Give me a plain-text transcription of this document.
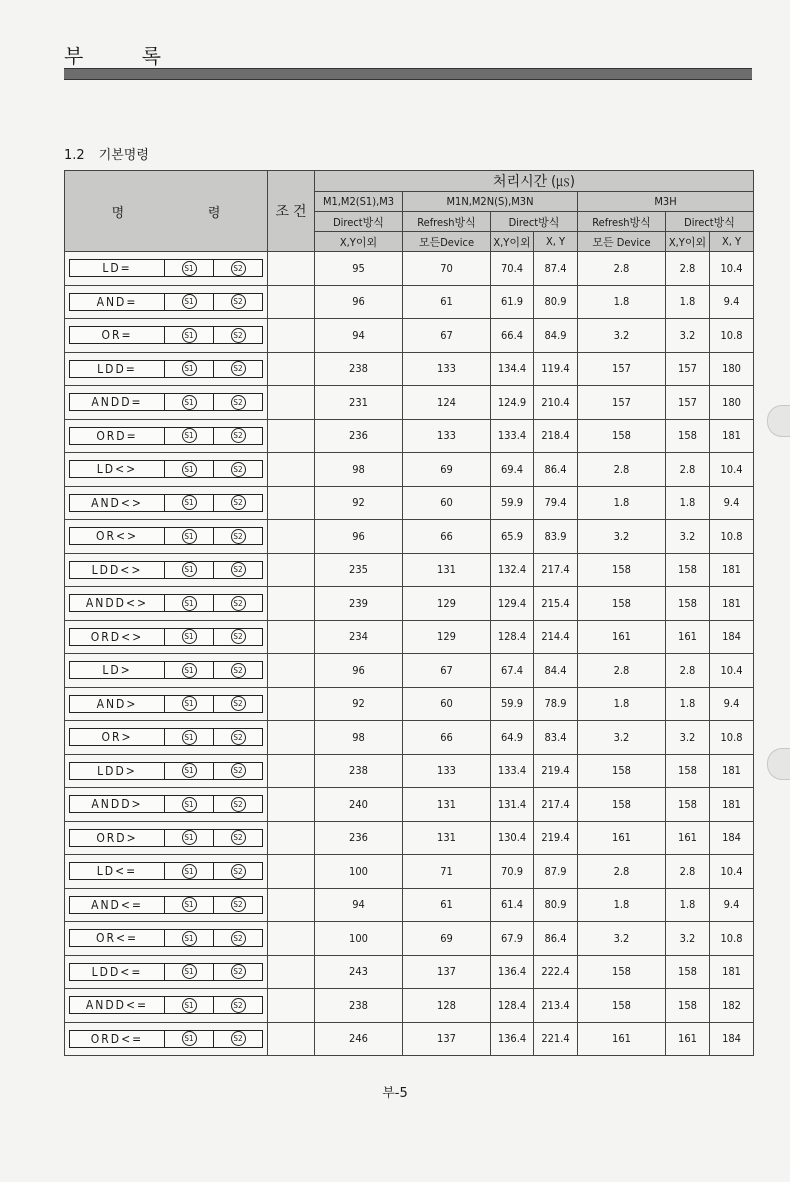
부 록
1.2 기본명령
명 령	조 건	처리시간 (㎲)						
		M1,M2(S1),M3	M1N,M2N(S),M3N			M3H		
		Direct방식	Refresh방식	Direct방식		Refresh방식	Direct방식	
		X,Y이외	모든Device	X,Y이외	X, Y	모든 Device	X,Y이외	X, Y

LD= S1 S2		95	70	70.4	87.4	2.8	2.8	10.4

AND= S1 S2		96	61	61.9	80.9	1.8	1.8	9.4

OR= S1 S2		94	67	66.4	84.9	3.2	3.2	10.8

LDD= S1 S2		238	133	134.4	119.4	157	157	180

ANDD= S1 S2		231	124	124.9	210.4	157	157	180

ORD= S1 S2		236	133	133.4	218.4	158	158	181

LD<> S1 S2		98	69	69.4	86.4	2.8	2.8	10.4

AND<> S1 S2		92	60	59.9	79.4	1.8	1.8	9.4

OR<> S1 S2		96	66	65.9	83.9	3.2	3.2	10.8

LDD<> S1 S2		235	131	132.4	217.4	158	158	181

ANDD<> S1 S2		239	129	129.4	215.4	158	158	181

ORD<> S1 S2		234	129	128.4	214.4	161	161	184

LD> S1 S2		96	67	67.4	84.4	2.8	2.8	10.4

AND> S1 S2		92	60	59.9	78.9	1.8	1.8	9.4

OR> S1 S2		98	66	64.9	83.4	3.2	3.2	10.8

LDD> S1 S2		238	133	133.4	219.4	158	158	181

ANDD> S1 S2		240	131	131.4	217.4	158	158	181

ORD> S1 S2		236	131	130.4	219.4	161	161	184

LD<= S1 S2		100	71	70.9	87.9	2.8	2.8	10.4

AND<= S1 S2		94	61	61.4	80.9	1.8	1.8	9.4

OR<= S1 S2		100	69	67.9	86.4	3.2	3.2	10.8

LDD<= S1 S2		243	137	136.4	222.4	158	158	181

ANDD<= S1 S2		238	128	128.4	213.4	158	158	182

ORD<= S1 S2		246	137	136.4	221.4	161	161	184
부-5
